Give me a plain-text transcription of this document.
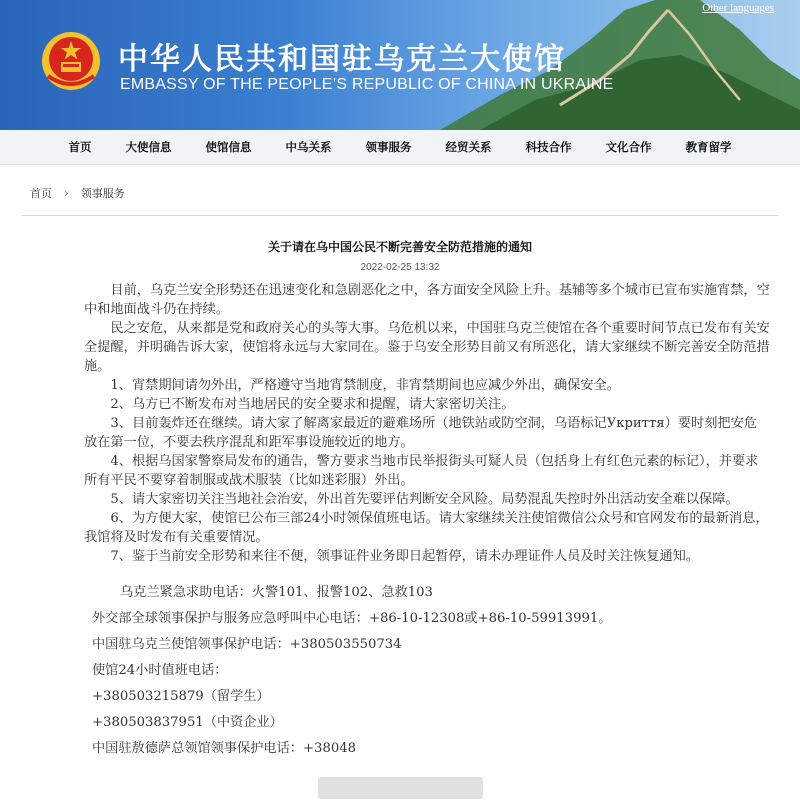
Other languages
中华人民共和国驻乌克兰大使馆
EMBASSY OF THE PEOPLE’S REPUBLIC OF CHINA IN UKRAINE
首页	大使信息	使馆信息	中乌关系	领事服务	经贸关系	科技合作	文化合作	教育留学
首页 › 领事服务
关于请在乌中国公民不断完善安全防范措施的通知
2022-02-25 13:32

目前，乌克兰安全形势还在迅速变化和急剧恶化之中，各方面安全风险上升。基辅等多个城市已宣布实施宵禁，空中和地面战斗仍在持续。

民之安危，从来都是党和政府关心的头等大事。乌危机以来，中国驻乌克兰使馆在各个重要时间节点已发布有关安全提醒，并明确告诉大家，使馆将永远与大家同在。鉴于乌安全形势目前又有所恶化，请大家继续不断完善安全防范措施。

1、宵禁期间请勿外出，严格遵守当地宵禁制度，非宵禁期间也应减少外出，确保安全。

2、乌方已不断发布对当地居民的安全要求和提醒，请大家密切关注。

3、目前轰炸还在继续。请大家了解离家最近的避难场所（地铁站或防空洞，乌语标记Укриття）要时刻把安危放在第一位，不要去秩序混乱和距军事设施较近的地方。

4、根据乌国家警察局发布的通告，警方要求当地市民举报街头可疑人员（包括身上有红色元素的标记），并要求所有平民不要穿着制服或战术服装（比如迷彩服）外出。

5、请大家密切关注当地社会治安，外出首先要评估判断安全风险。局势混乱失控时外出活动安全难以保障。

6、为方便大家，使馆已公布三部24小时领保值班电话。请大家继续关注使馆微信公众号和官网发布的最新消息，我馆将及时发布有关重要情况。

7、鉴于当前安全形势和来往不便，领事证件业务即日起暂停，请未办理证件人员及时关注恢复通知。

乌克兰紧急求助电话：火警101、报警102、急救103
外交部全球领事保护与服务应急呼叫中心电话：+86-10-12308或+86-10-59913991。
中国驻乌克兰使馆领事保护电话：+380503550734
使馆24小时值班电话：
+380503215879（留学生）
+380503837951（中资企业）
中国驻敖德萨总领馆领事保护电话：+38048
